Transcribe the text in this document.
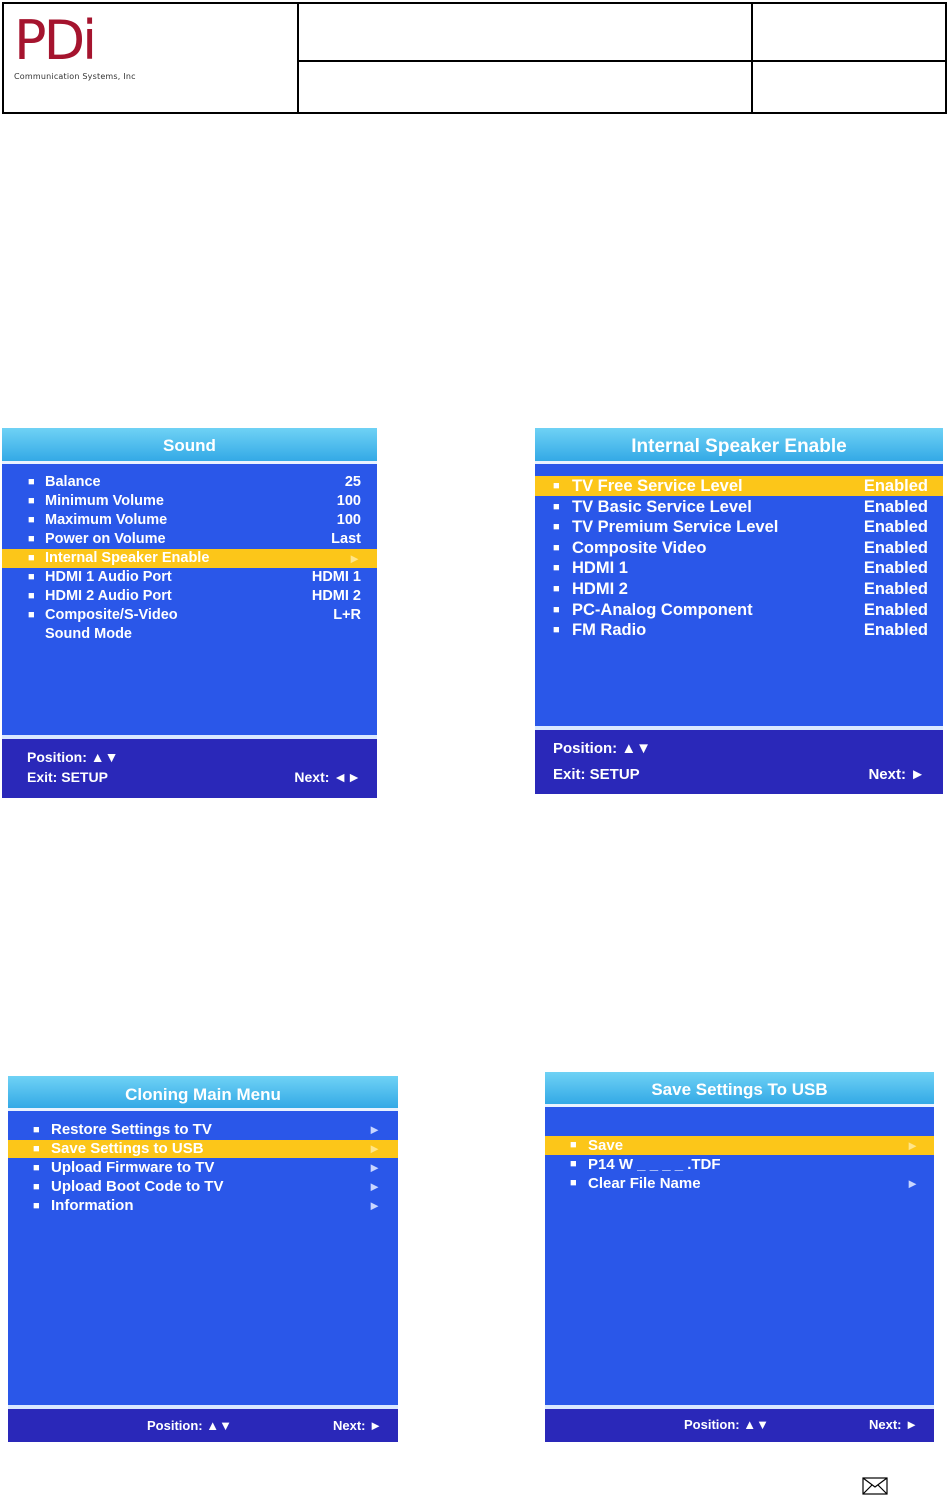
PDi
Communication Systems, Inc
Sound
■ Balance	25
■ Minimum Volume	100
■ Maximum Volume	100
■ Power on Volume	Last
■ Internal Speaker Enable	►
■ HDMI 1 Audio Port	HDMI 1
■ HDMI 2 Audio Port	HDMI 2
■ Composite/S-Video	L+R
Sound Mode
Position: ▲▼
Exit: SETUP	Next: ◄►
Internal Speaker Enable
■ TV Free Service Level	Enabled
■ TV Basic Service Level	Enabled
■ TV Premium Service Level	Enabled
■ Composite Video	Enabled
■ HDMI 1	Enabled
■ HDMI 2	Enabled
■ PC-Analog Component	Enabled
■ FM Radio	Enabled
Position: ▲▼
Exit: SETUP	Next: ►
Cloning Main Menu
■ Restore Settings to TV	►
■ Save Settings to USB	►
■ Upload Firmware to TV	►
■ Upload Boot Code to TV	►
■ Information	►
Position: ▲▼	Next: ►
Save Settings To USB
■ Save	►
■ P14 W _ _ _ _ .TDF
■ Clear File Name	►
Position: ▲▼	Next: ►
